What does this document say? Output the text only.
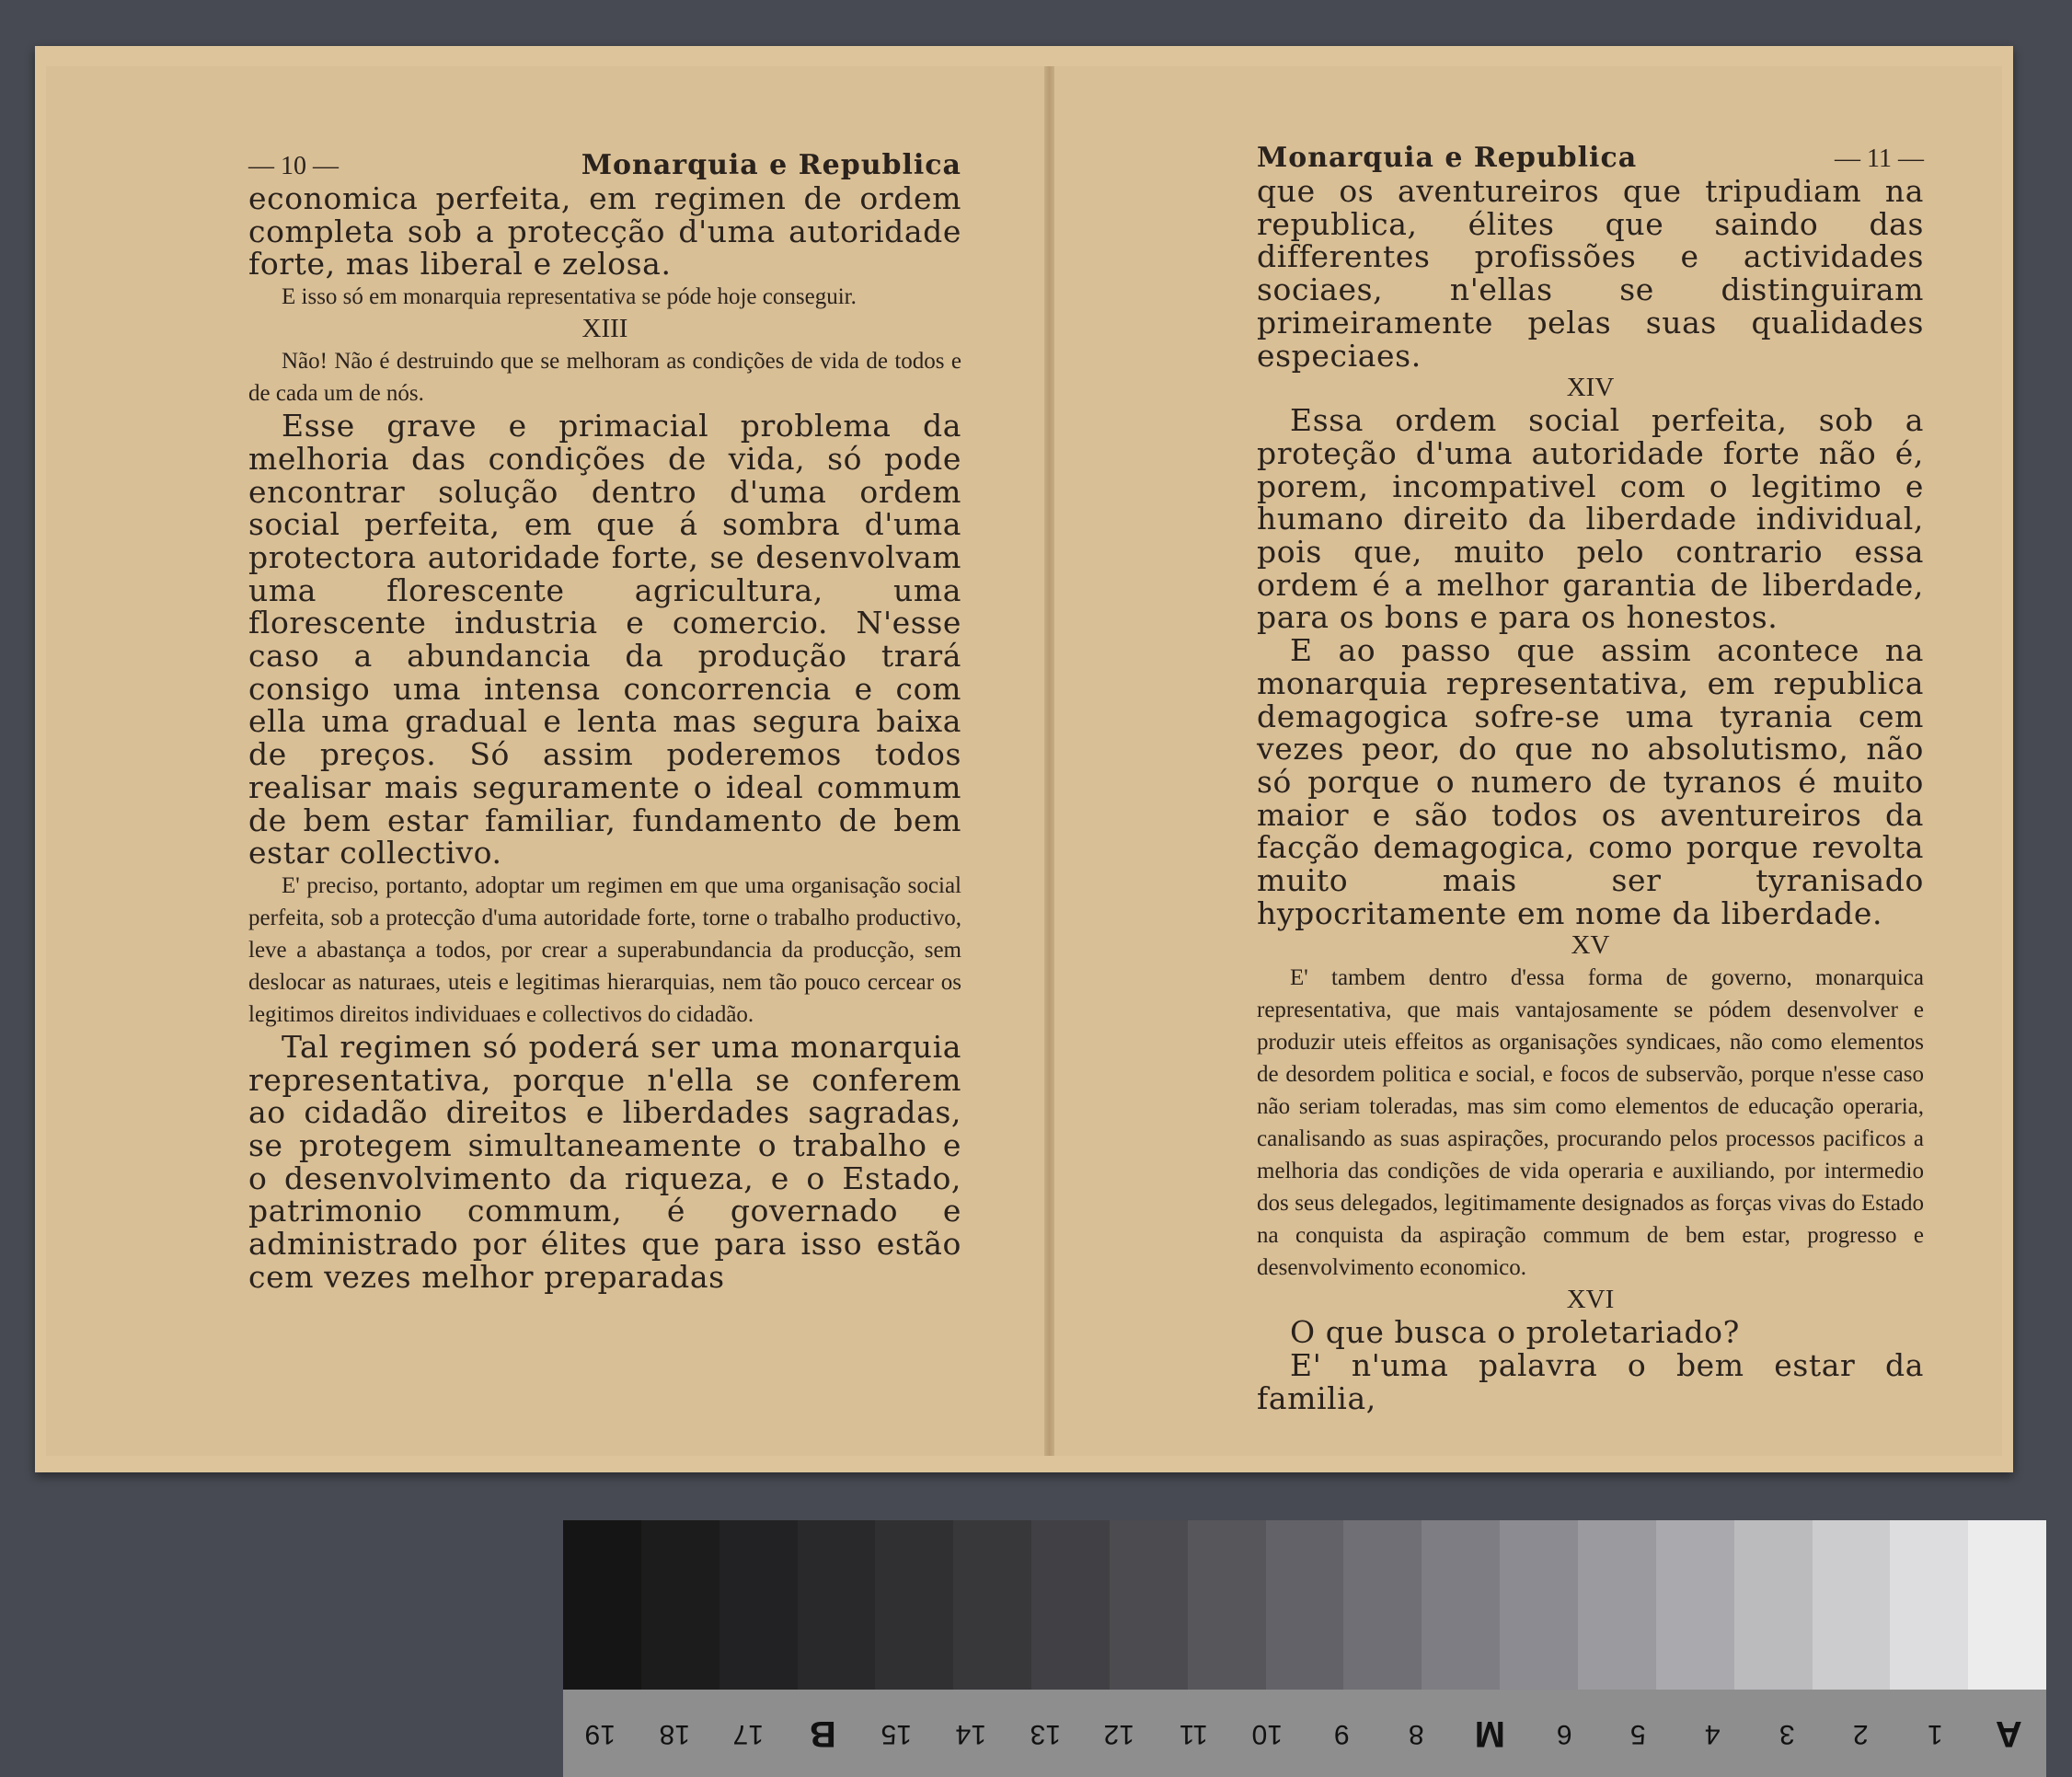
— 10 —	Monarquia e Republica

economica perfeita, em regimen de ordem completa sob a protecção d'uma autoridade forte, mas liberal e zelosa.

E isso só em monarquia representativa se póde hoje conseguir.

XIII

Não! Não é destruindo que se melhoram as condições de vida de todos e de cada um de nós.

Esse grave e primacial problema da melhoria das condições de vida, só pode encontrar solução dentro d'uma ordem social perfeita, em que á sombra d'uma protectora autoridade forte, se desenvolvam uma florescente agricultura, uma florescente industria e comercio. N'esse caso a abundancia da produção trará consigo uma intensa concorrencia e com ella uma gradual e lenta mas segura baixa de preços. Só assim poderemos todos realisar mais seguramente o ideal commum de bem estar familiar, fundamento de bem estar collectivo.

E' preciso, portanto, adoptar um regimen em que uma organisação social perfeita, sob a protecção d'uma autoridade forte, torne o trabalho productivo, leve a abastança a todos, por crear a superabundancia da producção, sem deslocar as naturaes, uteis e legitimas hierarquias, nem tão pouco cercear os legitimos direitos individuaes e collectivos do cidadão.

Tal regimen só poderá ser uma monarquia representativa, porque n'ella se conferem ao cidadão direitos e liberdades sagradas, se protegem simultaneamente o trabalho e o desenvolvimento da riqueza, e o Estado, patrimonio commum, é governado e administrado por élites que para isso estão cem vezes melhor preparadas

Monarquia e Republica	— 11 —

que os aventureiros que tripudiam na republica, élites que saindo das differentes profissões e actividades sociaes, n'ellas se distinguiram primeiramente pelas suas qualidades especiaes.

XIV

Essa ordem social perfeita, sob a proteção d'uma autoridade forte não é, porem, incompativel com o legitimo e humano direito da liberdade individual, pois que, muito pelo contrario essa ordem é a melhor garantia de liberdade, para os bons e para os honestos.

E ao passo que assim acontece na monarquia representativa, em republica demagogica sofre-se uma tyrania cem vezes peor, do que no absolutismo, não só porque o numero de tyranos é muito maior e são todos os aventureiros da facção demagogica, como porque revolta muito mais ser tyranisado hypocritamente em nome da liberdade.

XV

E' tambem dentro d'essa forma de governo, monarquica representativa, que mais vantajosamente se pódem desenvolver e produzir uteis effeitos as organisações syndicaes, não como elementos de desordem politica e social, e focos de subservão, porque n'esse caso não seriam toleradas, mas sim como elementos de educação operaria, canalisando as suas aspirações, procurando pelos processos pacificos a melhoria das condições de vida operaria e auxiliando, por intermedio dos seus delegados, legitimamente designados as forças vivas do Estado na conquista da aspiração commum de bem estar, progresso e desenvolvimento economico.

XVI

O que busca o proletariado?

E' n'uma palavra o bem estar da familia,

19	18	17	B	15	14	13	12	11	10	9	8	M	6	5	4	3	2	1	A
